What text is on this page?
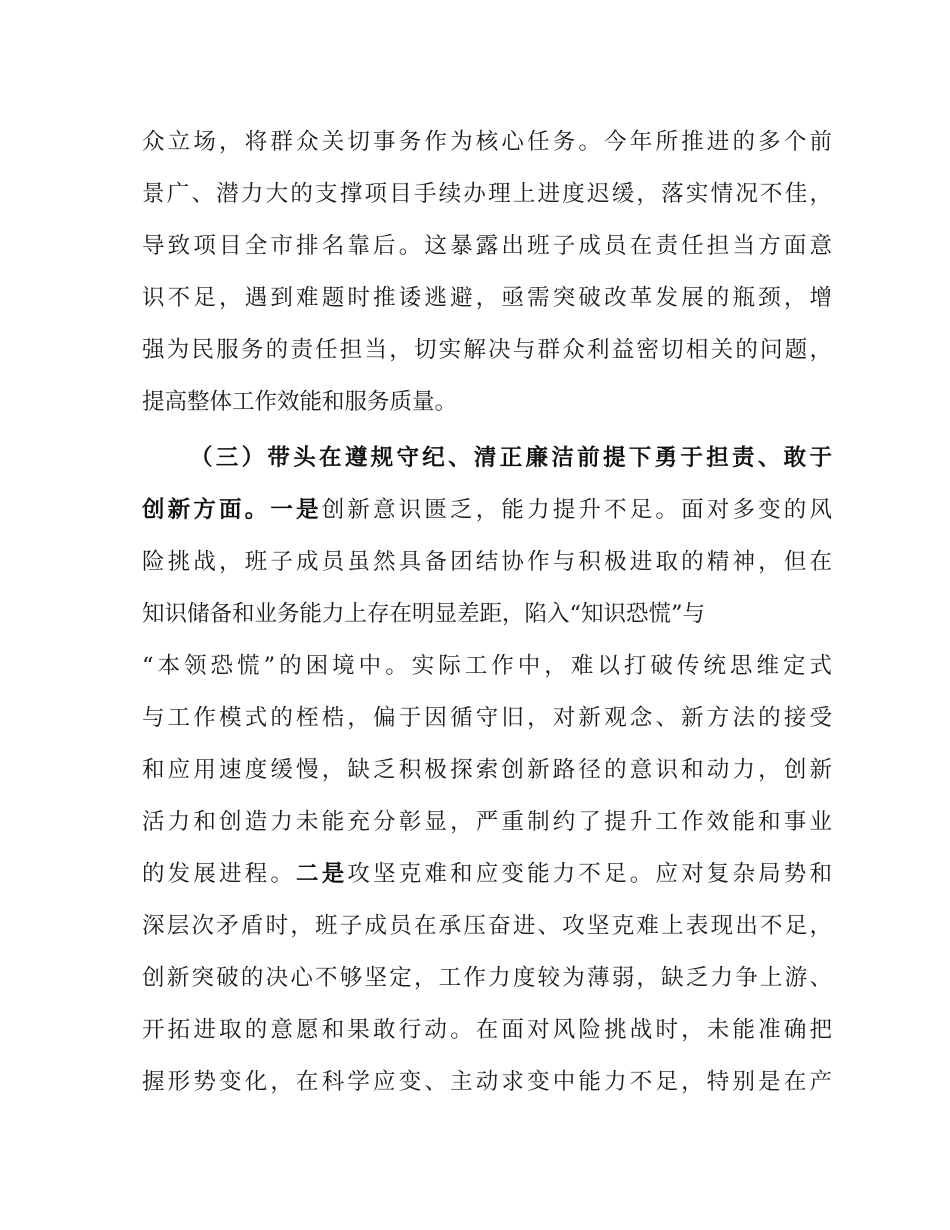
众立场，将群众关切事务作为核心任务。今年所推进的多个前
景广、潜力大的支撑项目手续办理上进度迟缓，落实情况不佳，
导致项目全市排名靠后。这暴露出班子成员在责任担当方面意
识不足，遇到难题时推诿逃避，亟需突破改革发展的瓶颈，增
强为民服务的责任担当，切实解决与群众利益密切相关的问题，
提高整体工作效能和服务质量。
（三）带头在遵规守纪、清正廉洁前提下勇于担责、敢于
创新方面。一是创新意识匮乏，能力提升不足。面对多变的风
险挑战，班子成员虽然具备团结协作与积极进取的精神，但在
知识储备和业务能力上存在明显差距，陷入“知识恐慌”与
“本领恐慌”的困境中。实际工作中，难以打破传统思维定式
与工作模式的桎梏，偏于因循守旧，对新观念、新方法的接受
和应用速度缓慢，缺乏积极探索创新路径的意识和动力，创新
活力和创造力未能充分彰显，严重制约了提升工作效能和事业
的发展进程。二是攻坚克难和应变能力不足。应对复杂局势和
深层次矛盾时，班子成员在承压奋进、攻坚克难上表现出不足，
创新突破的决心不够坚定，工作力度较为薄弱，缺乏力争上游、
开拓进取的意愿和果敢行动。在面对风险挑战时，未能准确把
握形势变化，在科学应变、主动求变中能力不足，特别是在产
